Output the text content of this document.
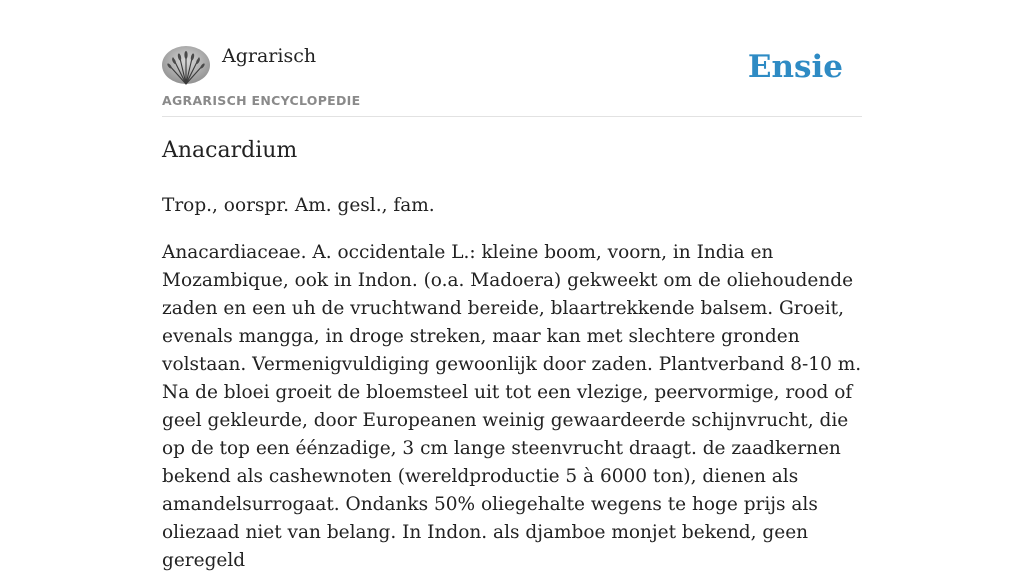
Agrarisch
AGRARISCH ENCYCLOPEDIE
Ensie
Anacardium

Trop., oorspr. Am. gesl., fam.

Anacardiaceae. A. occidentale L.: kleine boom, voorn, in India en Mozambique, ook in Indon. (o.a. Madoera) gekweekt om de oliehoudende zaden en een uh de vruchtwand bereide, blaartrekkende balsem. Groeit, evenals mangga, in droge streken, maar kan met slechtere gronden volstaan. Vermenigvuldiging gewoonlijk door zaden. Plantverband 8-10 m. Na de bloei groeit de bloemsteel uit tot een vlezige, peervormige, rood of geel gekleurde, door Europeanen weinig gewaardeerde schijnvrucht, die op de top een éénzadige, 3 cm lange steenvrucht draagt. de zaadkernen bekend als cashewnoten (wereldproductie 5 à 6000 ton), dienen als amandelsurrogaat. Ondanks 50% oliegehalte wegens te hoge prijs als oliezaad niet van belang. In Indon. als djamboe monjet bekend, geen geregeld
